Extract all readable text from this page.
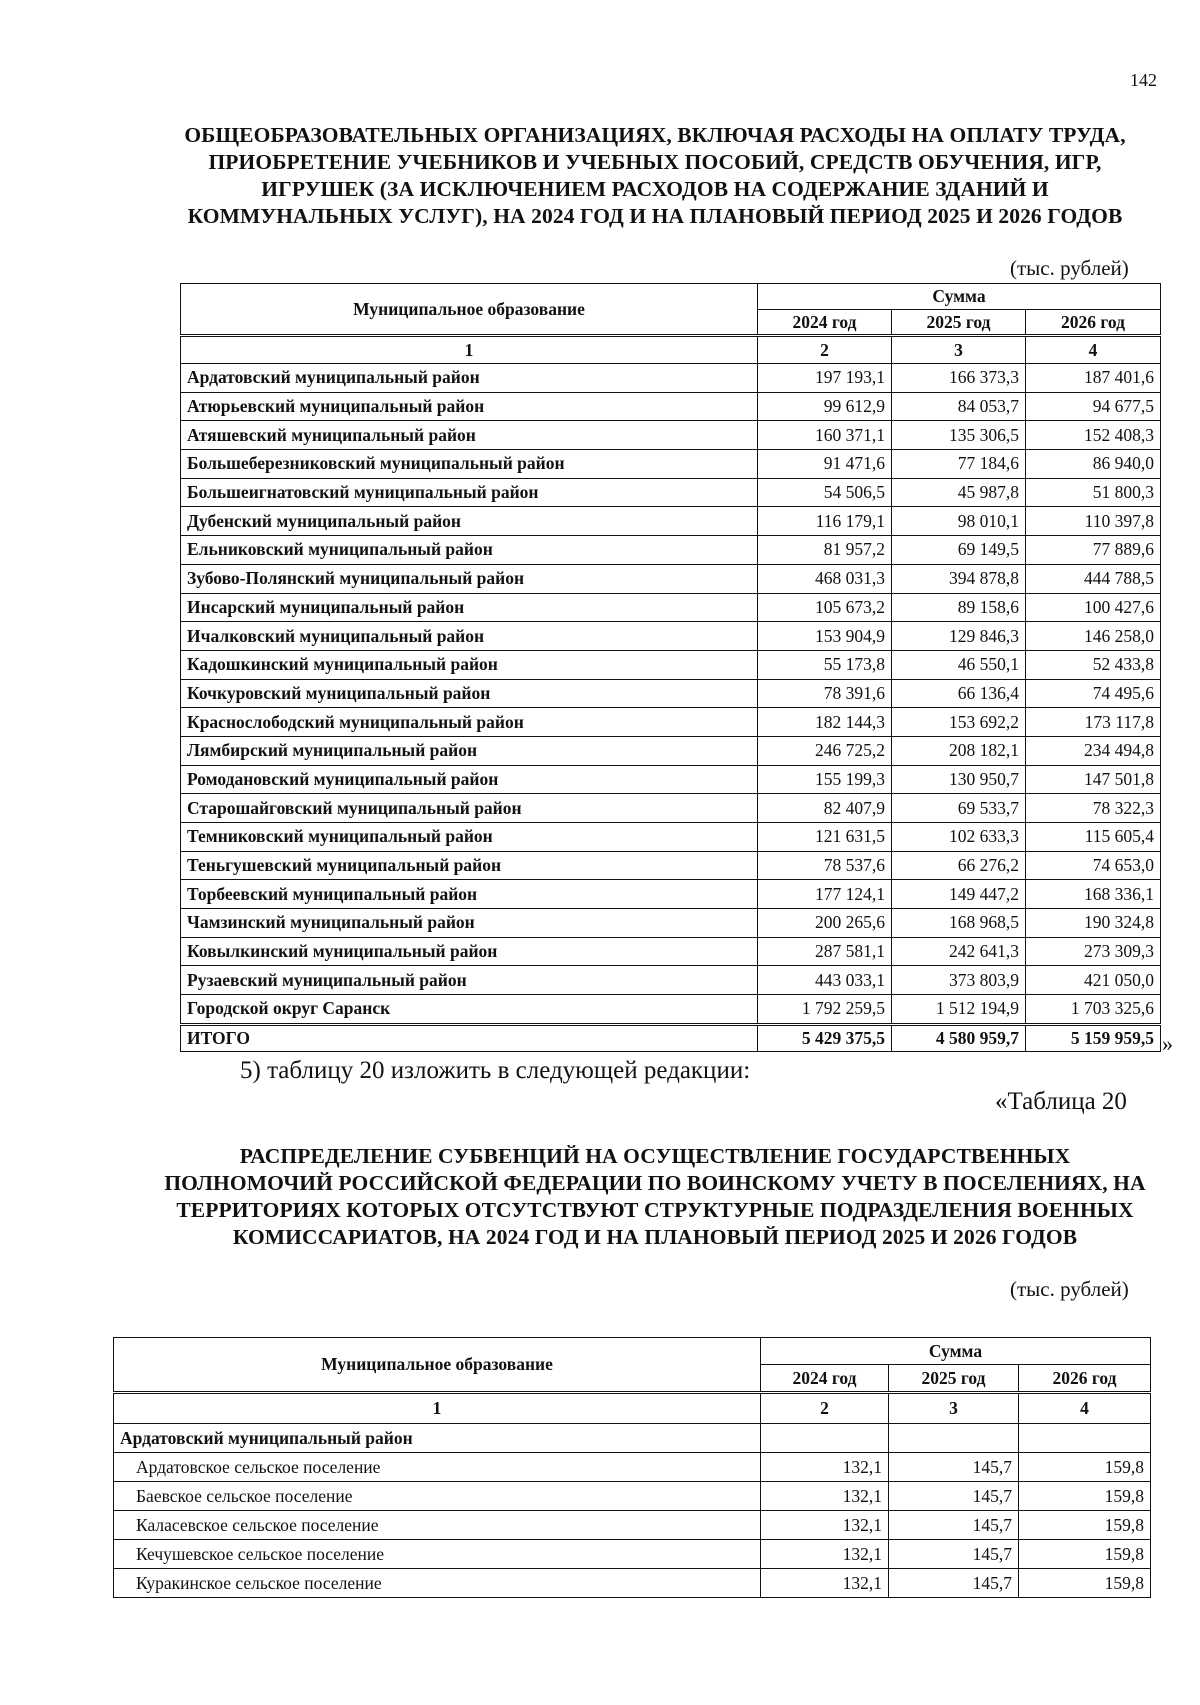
142
ОБЩЕОБРАЗОВАТЕЛЬНЫХ ОРГАНИЗАЦИЯХ, ВКЛЮЧАЯ РАСХОДЫ НА ОПЛАТУ ТРУДА, ПРИОБРЕТЕНИЕ УЧЕБНИКОВ И УЧЕБНЫХ ПОСОБИЙ, СРЕДСТВ ОБУЧЕНИЯ, ИГР, ИГРУШЕК (ЗА ИСКЛЮЧЕНИЕМ РАСХОДОВ НА СОДЕРЖАНИЕ ЗДАНИЙ И КОММУНАЛЬНЫХ УСЛУГ), НА 2024 ГОД И НА ПЛАНОВЫЙ ПЕРИОД 2025 И 2026 ГОДОВ
(тыс. рублей)
Муниципальное образование	Сумма		
	2024 год	2025 год	2026 год
1	2	3	4
Ардатовский муниципальный район	197 193,1	166 373,3	187 401,6
Атюрьевский муниципальный район	99 612,9	84 053,7	94 677,5
Атяшевский муниципальный район	160 371,1	135 306,5	152 408,3
Большеберезниковский муниципальный район	91 471,6	77 184,6	86 940,0
Большеигнатовский муниципальный район	54 506,5	45 987,8	51 800,3
Дубенский муниципальный район	116 179,1	98 010,1	110 397,8
Ельниковский муниципальный район	81 957,2	69 149,5	77 889,6
Зубово-Полянский муниципальный район	468 031,3	394 878,8	444 788,5
Инсарский муниципальный район	105 673,2	89 158,6	100 427,6
Ичалковский муниципальный район	153 904,9	129 846,3	146 258,0
Кадошкинский муниципальный район	55 173,8	46 550,1	52 433,8
Кочкуровский муниципальный район	78 391,6	66 136,4	74 495,6
Краснослободский муниципальный район	182 144,3	153 692,2	173 117,8
Лямбирский муниципальный район	246 725,2	208 182,1	234 494,8
Ромодановский муниципальный район	155 199,3	130 950,7	147 501,8
Старошайговский муниципальный район	82 407,9	69 533,7	78 322,3
Темниковский муниципальный район	121 631,5	102 633,3	115 605,4
Теньгушевский муниципальный район	78 537,6	66 276,2	74 653,0
Торбеевский муниципальный район	177 124,1	149 447,2	168 336,1
Чамзинский муниципальный район	200 265,6	168 968,5	190 324,8
Ковылкинский муниципальный район	287 581,1	242 641,3	273 309,3
Рузаевский муниципальный район	443 033,1	373 803,9	421 050,0
Городской округ Саранск	1 792 259,5	1 512 194,9	1 703 325,6
ИТОГО	5 429 375,5	4 580 959,7	5 159 959,5 »
5) таблицу 20 изложить в следующей редакции:
«Таблица 20
РАСПРЕДЕЛЕНИЕ СУБВЕНЦИЙ НА ОСУЩЕСТВЛЕНИЕ ГОСУДАРСТВЕННЫХ ПОЛНОМОЧИЙ РОССИЙСКОЙ ФЕДЕРАЦИИ ПО ВОИНСКОМУ УЧЕТУ В ПОСЕЛЕНИЯХ, НА ТЕРРИТОРИЯХ КОТОРЫХ ОТСУТСТВУЮТ СТРУКТУРНЫЕ ПОДРАЗДЕЛЕНИЯ ВОЕННЫХ КОМИССАРИАТОВ, НА 2024 ГОД И НА ПЛАНОВЫЙ ПЕРИОД 2025 И 2026 ГОДОВ
(тыс. рублей)
Муниципальное образование	Сумма		
	2024 год	2025 год	2026 год
1	2	3	4
Ардатовский муниципальный район			
Ардатовское сельское поселение	132,1	145,7	159,8
Баевское сельское поселение	132,1	145,7	159,8
Каласевское сельское поселение	132,1	145,7	159,8
Кечушевское сельское поселение	132,1	145,7	159,8
Куракинское сельское поселение	132,1	145,7	159,8
